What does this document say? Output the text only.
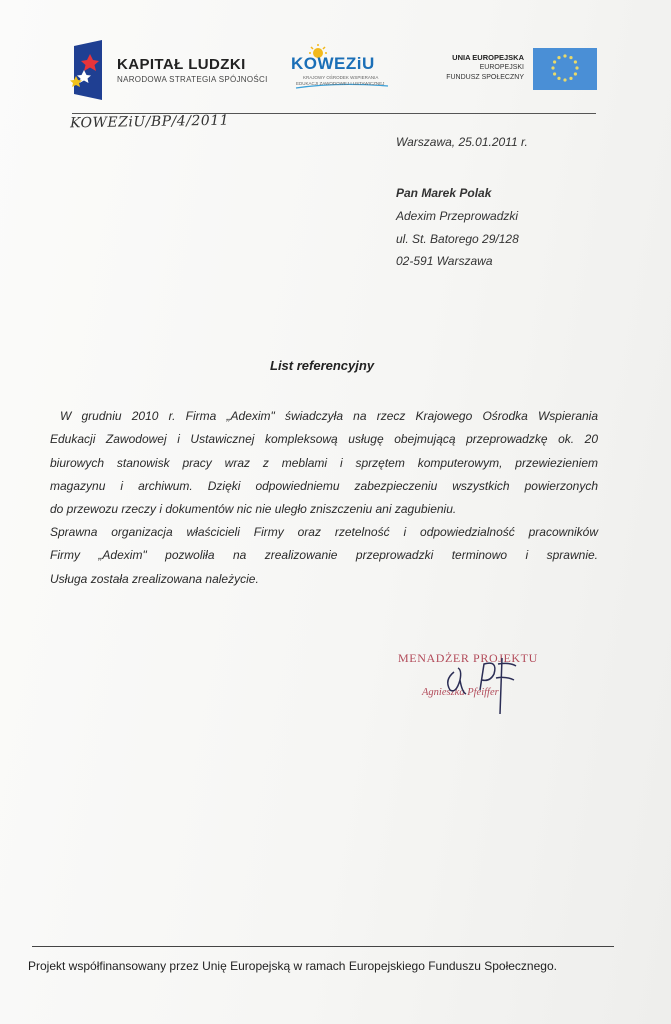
KAPITAŁ LUDZKI
NARODOWA STRATEGIA SPÓJNOŚCI
KOWEZiU
KRAJOWY OŚRODEK WSPIERANIA
EDUKACJI ZAWODOWEJ I USTAWICZNEJ
UNIA EUROPEJSKA
EUROPEJSKI
FUNDUSZ SPOŁECZNY
KOWEZiU/BP/4/2011
Warszawa, 25.01.2011 r.
Pan Marek Polak
Adexim Przeprowadzki
ul. St. Batorego 29/128
02-591 Warszawa
List referencyjny
W grudniu 2010 r. Firma „Adexim" świadczyła na rzecz Krajowego Ośrodka Wspierania
Edukacji Zawodowej i Ustawicznej kompleksową usługę obejmującą przeprowadzkę ok. 20
biurowych stanowisk pracy wraz z meblami i sprzętem komputerowym, przewiezieniem
magazynu i archiwum. Dzięki odpowiedniemu zabezpieczeniu wszystkich powierzonych
do przewozu rzeczy i dokumentów nic nie uległo zniszczeniu ani zagubieniu.
Sprawna organizacja właścicieli Firmy oraz rzetelność i odpowiedzialność pracowników
Firmy „Adexim" pozwoliła na zrealizowanie przeprowadzki terminowo i sprawnie.
Usługa została zrealizowana należycie.
MENADŻER PROJEKTU
Agnieszka Pfeiffer
Projekt współfinansowany przez Unię Europejską w ramach Europejskiego Funduszu Społecznego.
